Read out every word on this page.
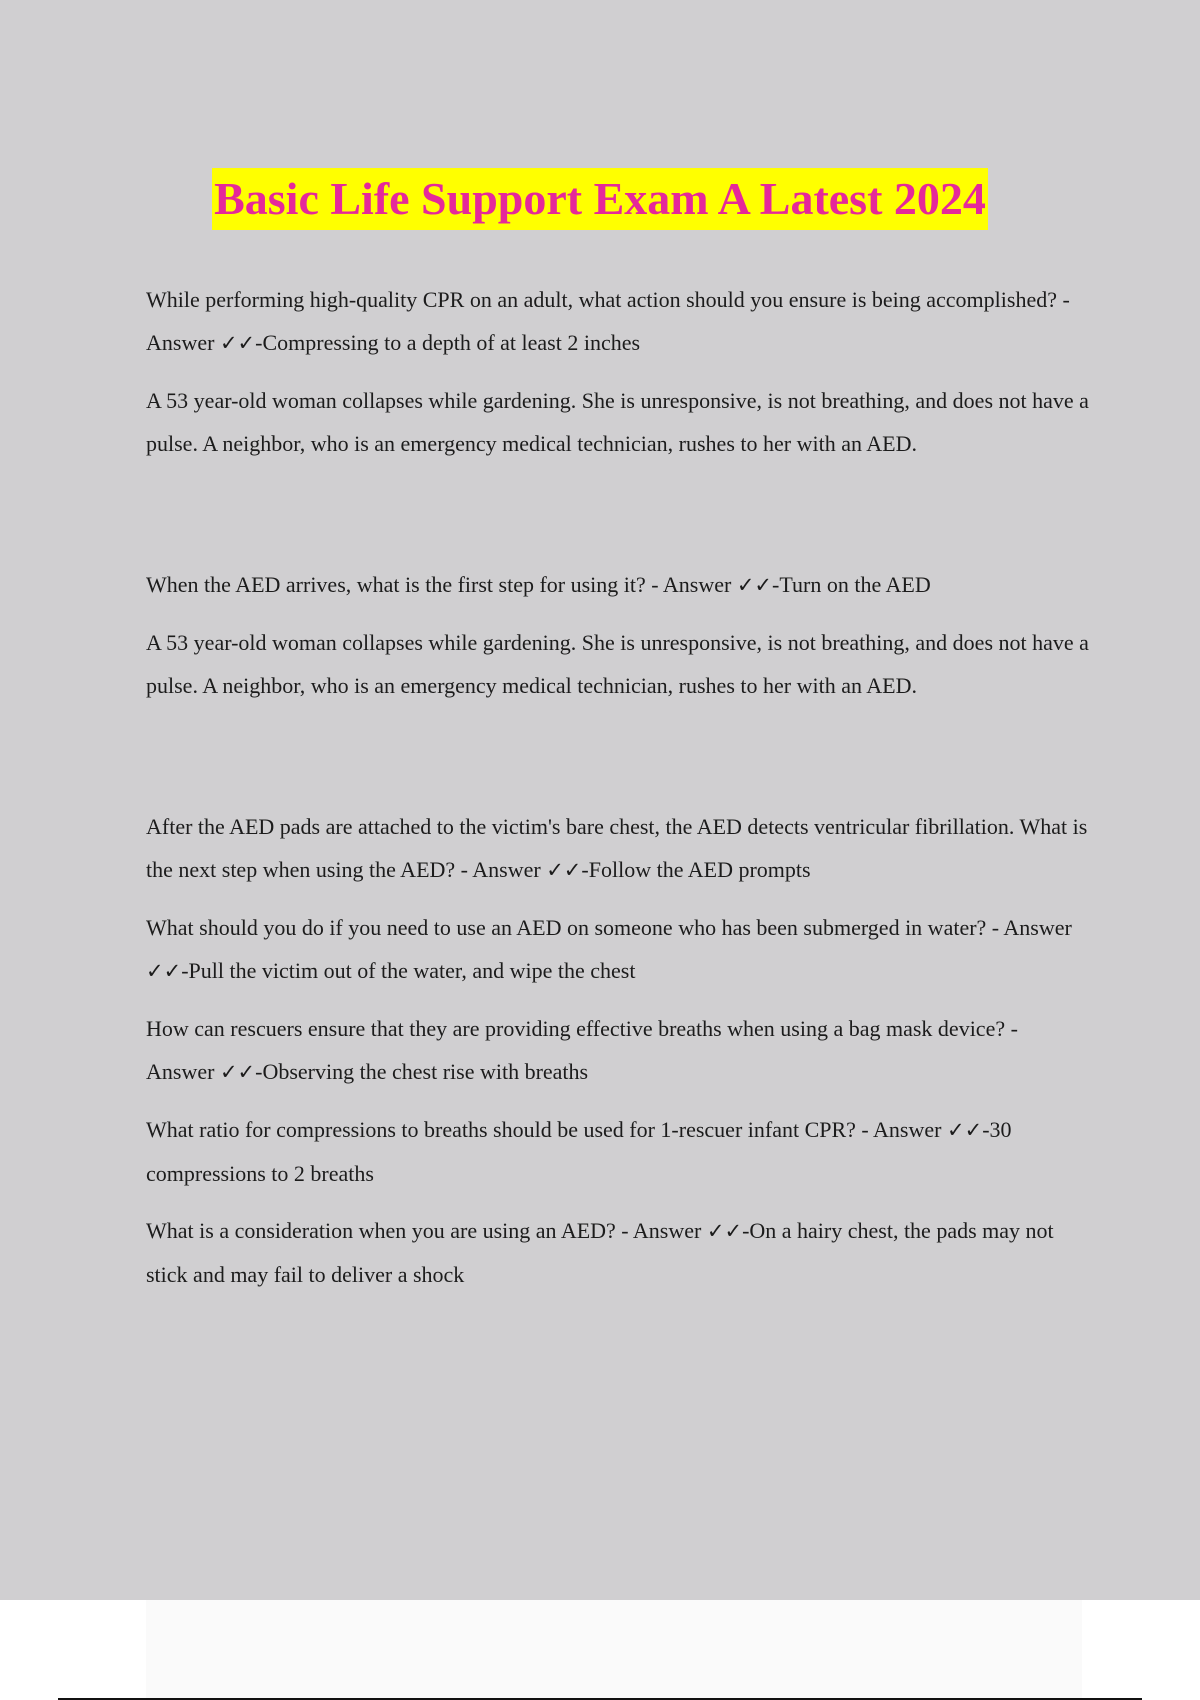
Basic Life Support Exam A Latest 2024

While performing high-quality CPR on an adult, what action should you ensure is being accomplished? - Answer ✓✓-Compressing to a depth of at least 2 inches

A 53 year-old woman collapses while gardening. She is unresponsive, is not breathing, and does not have a pulse. A neighbor, who is an emergency medical technician, rushes to her with an AED.

When the AED arrives, what is the first step for using it? - Answer ✓✓-Turn on the AED

A 53 year-old woman collapses while gardening. She is unresponsive, is not breathing, and does not have a pulse. A neighbor, who is an emergency medical technician, rushes to her with an AED.

After the AED pads are attached to the victim's bare chest, the AED detects ventricular fibrillation. What is the next step when using the AED? - Answer ✓✓-Follow the AED prompts

What should you do if you need to use an AED on someone who has been submerged in water? - Answer ✓✓-Pull the victim out of the water, and wipe the chest

How can rescuers ensure that they are providing effective breaths when using a bag mask device? - Answer ✓✓-Observing the chest rise with breaths

What ratio for compressions to breaths should be used for 1-rescuer infant CPR? - Answer ✓✓-30 compressions to 2 breaths

What is a consideration when you are using an AED? - Answer ✓✓-On a hairy chest, the pads may not stick and may fail to deliver a shock
